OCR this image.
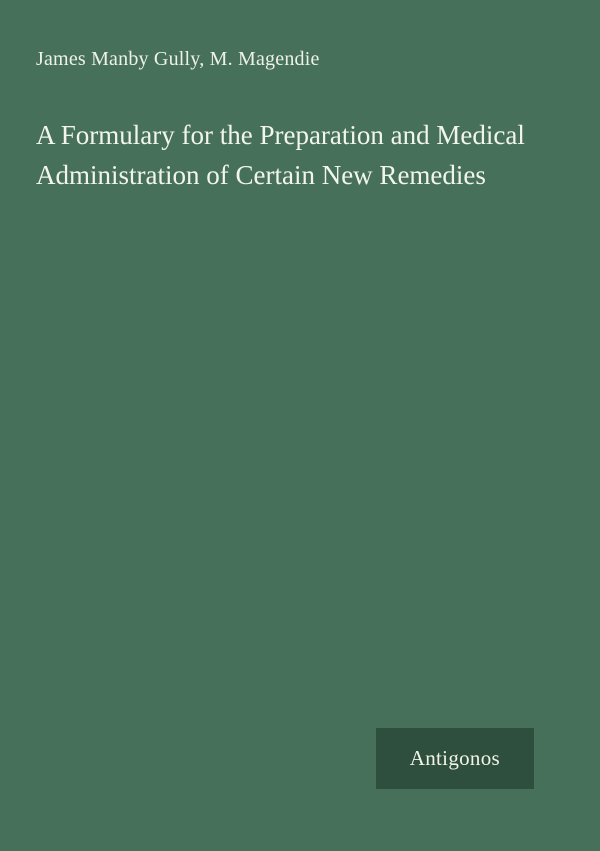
James Manby Gully, M. Magendie
A Formulary for the Preparation and Medical Administration of Certain New Remedies
Antigonos
